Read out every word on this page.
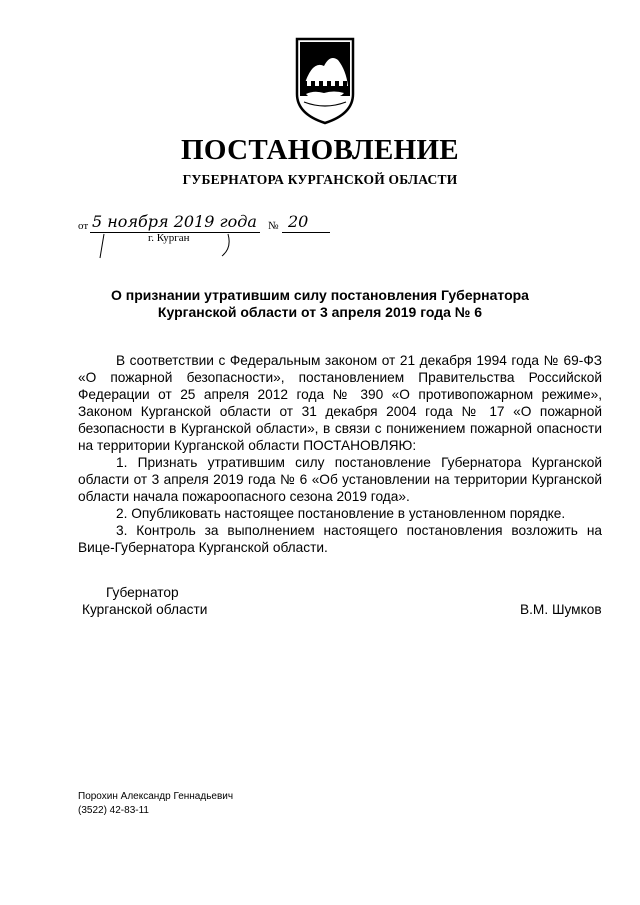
ПОСТАНОВЛЕНИЕ
ГУБЕРНАТОРА КУРГАНСКОЙ ОБЛАСТИ
от 5 ноября 2019 года № 20
г. Курган
О признании утратившим силу постановления Губернатора Курганской области от 3 апреля 2019 года № 6

В соответствии с Федеральным законом от 21 декабря 1994 года № 69-ФЗ «О пожарной безопасности», постановлением Правительства Российской Федерации от 25 апреля 2012 года № 390 «О противопожарном режиме», Законом Курганской области от 31 декабря 2004 года № 17 «О пожарной безопасности в Курганской области», в связи с понижением пожарной опасности на территории Курганской области ПОСТАНОВЛЯЮ:

1. Признать утратившим силу постановление Губернатора Курганской области от 3 апреля 2019 года № 6 «Об установлении на территории Курганской области начала пожароопасного сезона 2019 года».

2. Опубликовать настоящее постановление в установленном порядке.

3. Контроль за выполнением настоящего постановления возложить на Вице-Губернатора Курганской области.

Губернатор
Курганской области	В.М. Шумков
Порохин Александр Геннадьевич
(3522) 42-83-11
